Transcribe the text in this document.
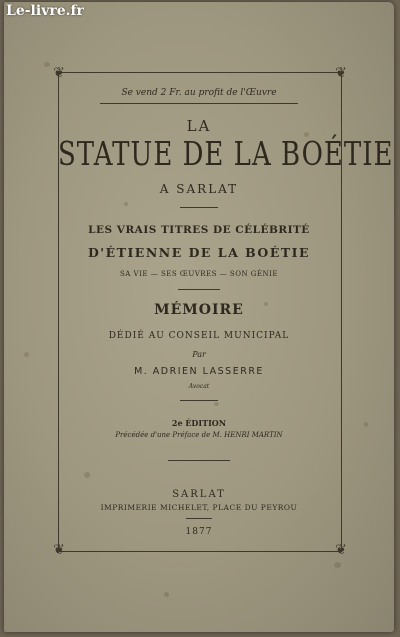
Le-livre.fr
❦	❦
❦	❦
Se vend 2 Fr. au profit de l'Œuvre
LA
STATUE DE LA BOÉTIE
A SARLAT
LES VRAIS TITRES DE CÉLÉBRITÉ
D'ÉTIENNE DE LA BOÉTIE
SA VIE — SES ŒUVRES — SON GÉNIE
MÉMOIRE
DÉDIÉ AU CONSEIL MUNICIPAL
Par
M. ADRIEN LASSERRE
Avocat
2e ÉDITION
Précédée d'une Préface de M. HENRI MARTIN
SARLAT
IMPRIMERIE MICHELET, PLACE DU PEYROU
1877
